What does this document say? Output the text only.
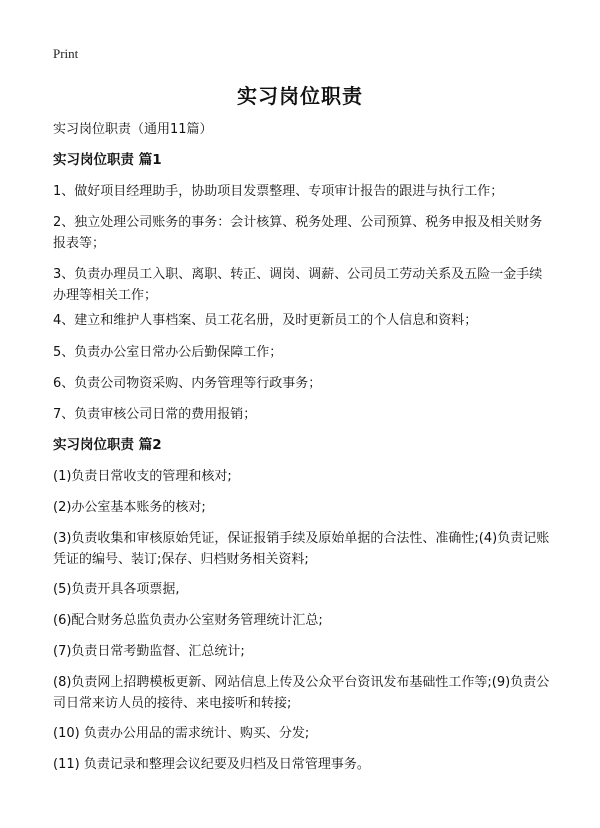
Print
实习岗位职责

实习岗位职责（通用11篇）

实习岗位职责 篇1

1、做好项目经理助手，协助项目发票整理、专项审计报告的跟进与执行工作；

2、独立处理公司账务的事务：会计核算、税务处理、公司预算、税务申报及相关财务报表等；

3、负责办理员工入职、离职、转正、调岗、调薪、公司员工劳动关系及五险一金手续办理等相关工作；

4、建立和维护人事档案、员工花名册，及时更新员工的个人信息和资料；

5、负责办公室日常办公后勤保障工作；

6、负责公司物资采购、内务管理等行政事务；

7、负责审核公司日常的费用报销；

实习岗位职责 篇2

(1)负责日常收支的管理和核对;

(2)办公室基本账务的核对;

(3)负责收集和审核原始凭证，保证报销手续及原始单据的合法性、准确性;(4)负责记账凭证的编号、装订;保存、归档财务相关资料;

(5)负责开具各项票据,

(6)配合财务总监负责办公室财务管理统计汇总;

(7)负责日常考勤监督、汇总统计;

(8)负责网上招聘模板更新、网站信息上传及公众平台资讯发布基础性工作等;(9)负责公司日常来访人员的接待、来电接听和转接;

(10) 负责办公用品的需求统计、购买、分发;

(11) 负责记录和整理会议纪要及归档及日常管理事务。
